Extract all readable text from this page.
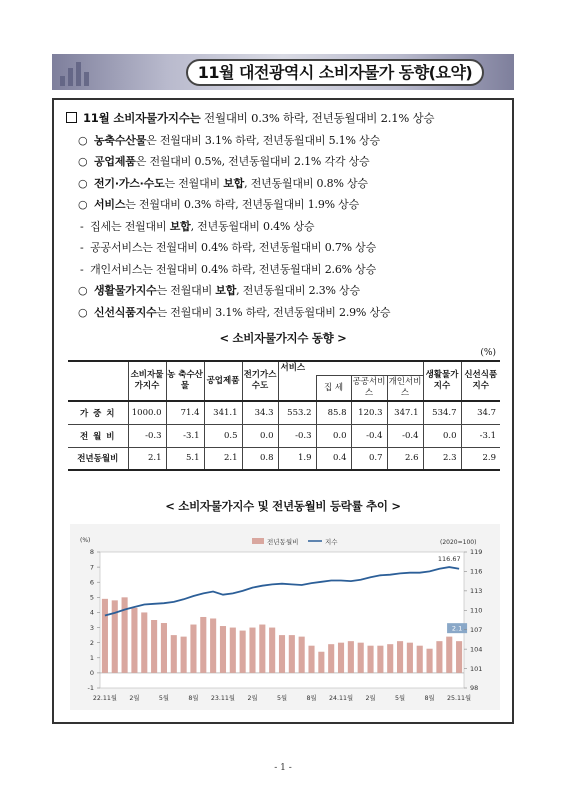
11월 대전광역시 소비자물가 동향(요약)
11월 소비자물가지수는 전월대비 0.3% 하락, 전년동월대비 2.1% 상승
○ 농축수산물은 전월대비 3.1% 하락, 전년동월대비 5.1% 상승
○ 공업제품은 전월대비 0.5%, 전년동월대비 2.1% 각각 상승
○ 전기·가스·수도는 전월대비 보합, 전년동월대비 0.8% 상승
○ 서비스는 전월대비 0.3% 하락, 전년동월대비 1.9% 상승
- 집세는 전월대비 보합, 전년동월대비 0.4% 상승
- 공공서비스는 전월대비 0.4% 하락, 전년동월대비 0.7% 상승
- 개인서비스는 전월대비 0.4% 하락, 전년동월대비 2.6% 상승
○ 생활물가지수는 전월대비 보합, 전년동월대비 2.3% 상승
○ 신선식품지수는 전월대비 3.1% 하락, 전년동월대비 2.9% 상승
< 소비자물가지수 동향 >
(%)
	소비자물가지수	농 축수산물	공업제품	전기가스수도	서비스				생활물가지수	신선식품지수
						집 세	공공서비스	개인서비스		
가 중 치	1000.0	71.4	341.1	34.3	553.2	85.8	120.3	347.1	534.7	34.7
전 월 비	-0.3	-3.1	0.5	0.0	-0.3	0.0	-0.4	-0.4	0.0	-3.1
전년동월비	2.1	5.1	2.1	0.8	1.9	0.4	0.7	2.6	2.3	2.9
< 소비자물가지수 및 전년동월비 등락률 추이 >
116.67
2.1
-1
0
1
2
3
4
5
6
7
8
98
101
104
107
110
113
116
119
22.11월 2월	5월	8월 23.11월 2월	5월	8월 24.11월 2월	5월	8월 25.11월
전년동월비	지수	(2020=100)
(%)
- 1 -
